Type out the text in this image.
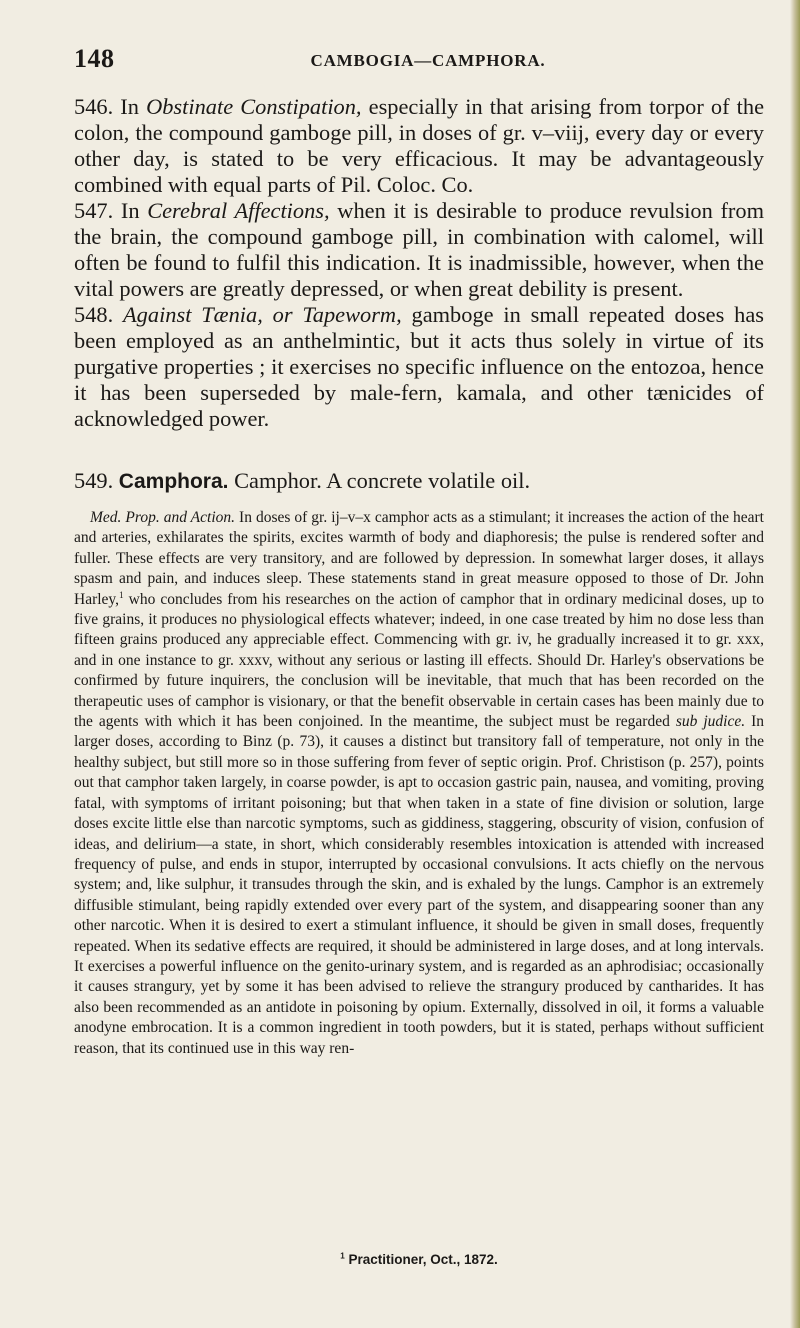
148	CAMBOGIA—CAMPHORA.

546. In Obstinate Constipation, especially in that arising from torpor of the colon, the compound gamboge pill, in doses of gr. v–viij, every day or every other day, is stated to be very efficacious. It may be advantageously combined with equal parts of Pil. Coloc. Co.

547. In Cerebral Affections, when it is desirable to produce revulsion from the brain, the compound gamboge pill, in combination with calomel, will often be found to fulfil this indication. It is inadmissible, however, when the vital powers are greatly depressed, or when great debility is present.

548. Against Tænia, or Tapeworm, gamboge in small repeated doses has been employed as an anthelmintic, but it acts thus solely in virtue of its purgative properties ; it exercises no specific influence on the entozoa, hence it has been superseded by male-fern, kamala, and other tænicides of acknowledged power.

549. Camphora. Camphor. A concrete volatile oil.

Med. Prop. and Action. In doses of gr. ij–v–x camphor acts as a stimulant; it increases the action of the heart and arteries, exhilarates the spirits, excites warmth of body and diaphoresis; the pulse is rendered softer and fuller. These effects are very transitory, and are followed by depression. In somewhat larger doses, it allays spasm and pain, and induces sleep. These statements stand in great measure opposed to those of Dr. John Harley,$^1$ who concludes from his researches on the action of camphor that in ordinary medicinal doses, up to five grains, it produces no physiological effects whatever; indeed, in one case treated by him no dose less than fifteen grains produced any appreciable effect. Commencing with gr. iv, he gradually increased it to gr. xxx, and in one instance to gr. xxxv, without any serious or lasting ill effects. Should Dr. Harley's observations be confirmed by future inquirers, the conclusion will be inevitable, that much that has been recorded on the therapeutic uses of camphor is visionary, or that the benefit observable in certain cases has been mainly due to the agents with which it has been conjoined. In the meantime, the subject must be regarded sub judice. In larger doses, according to Binz (p. 73), it causes a distinct but transitory fall of temperature, not only in the healthy subject, but still more so in those suffering from fever of septic origin. Prof. Christison (p. 257), points out that camphor taken largely, in coarse powder, is apt to occasion gastric pain, nausea, and vomiting, proving fatal, with symptoms of irritant poisoning; but that when taken in a state of fine division or solution, large doses excite little else than narcotic symptoms, such as giddiness, staggering, obscurity of vision, confusion of ideas, and delirium—a state, in short, which considerably resembles intoxication is attended with increased frequency of pulse, and ends in stupor, interrupted by occasional convulsions. It acts chiefly on the nervous system; and, like sulphur, it transudes through the skin, and is exhaled by the lungs. Camphor is an extremely diffusible stimulant, being rapidly extended over every part of the system, and disappearing sooner than any other narcotic. When it is desired to exert a stimulant influence, it should be given in small doses, frequently repeated. When its sedative effects are required, it should be administered in large doses, and at long intervals. It exercises a powerful influence on the genito-urinary system, and is regarded as an aphrodisiac; occasionally it causes strangury, yet by some it has been advised to relieve the strangury produced by cantharides. It has also been recommended as an antidote in poisoning by opium. Externally, dissolved in oil, it forms a valuable anodyne embrocation. It is a common ingredient in tooth powders, but it is stated, perhaps without sufficient reason, that its continued use in this way ren-

$^1$ Practitioner, Oct., 1872.
